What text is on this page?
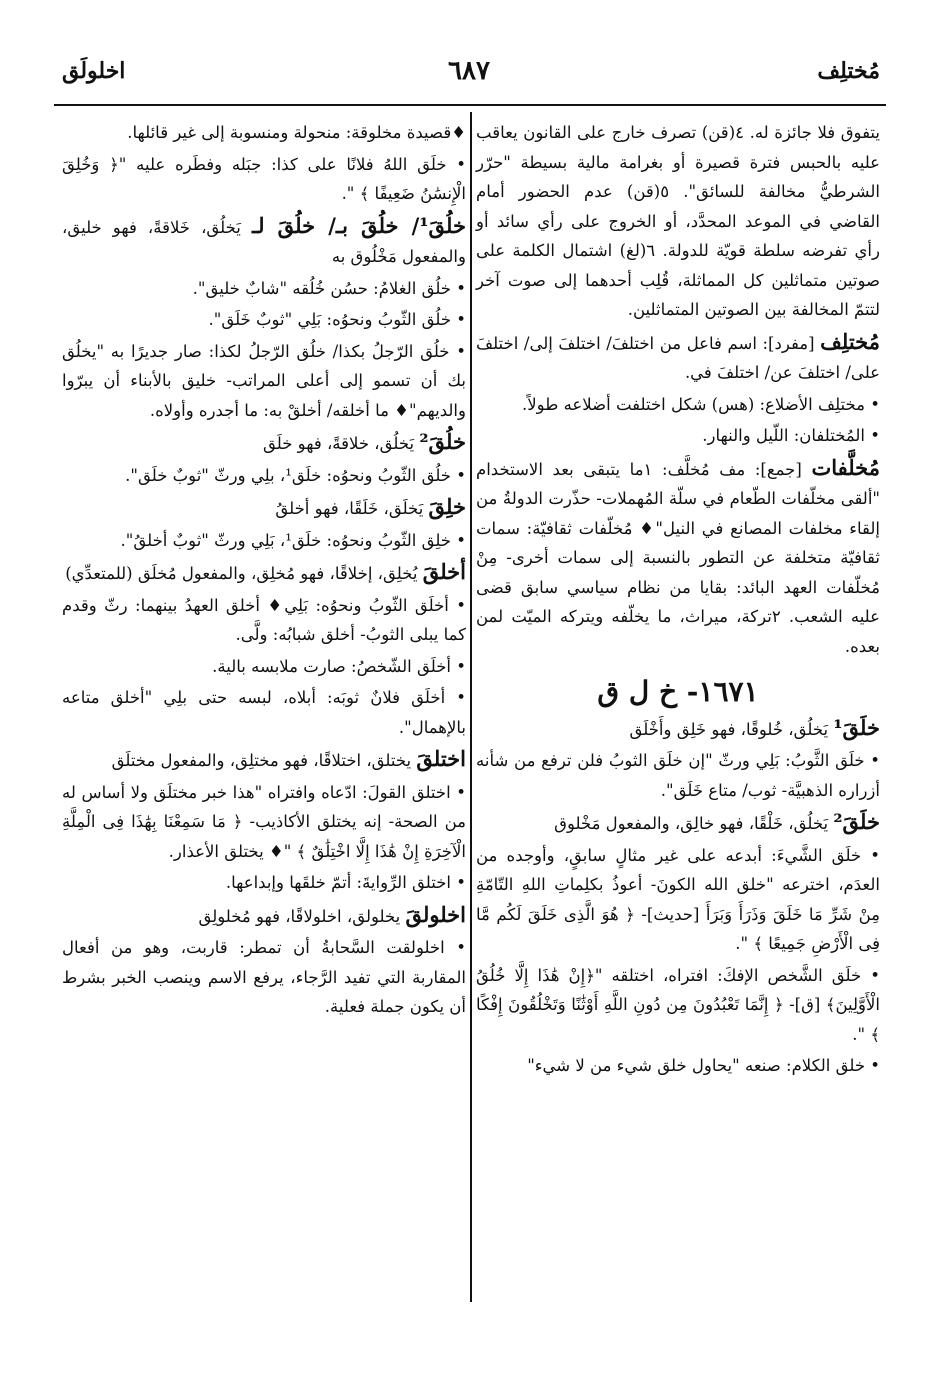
مُختلِف
٦٨٧
اخلولَق

يتفوق فلا جائزة له. ٤(قن) تصرف خارج على القانون يعاقب عليه بالحبس فترة قصيرة أو بغرامة مالية بسيطة "حرّر الشرطيُّ مخالفة للسائق". ٥(قن) عدم الحضور أمام القاضي في الموعد المحدَّد، أو الخروج على رأي سائد أو رأي تفرضه سلطة قويّة للدولة. ٦(لغ) اشتمال الكلمة على صوتين متماثلين كل المماثلة، قُلِب أحدهما إلى صوت آخر لتتمّ المخالفة بين الصوتين المتماثلين.

مُختلِف [مفرد]: اسم فاعل من اختلفَ/ اختلفَ إلى/ اختلفَ على/ اختلفَ عن/ اختلفَ في.

• مختلِف الأضلاع: (هس) شكل اختلفت أضلاعه طولاً.

• المُختلفان: اللّيل والنهار.

مُخلَّفات [جمع]: مف مُخلَّف: ١ما يتبقى بعد الاستخدام "ألقى مخلّفات الطّعام في سلّة المُهملات- حذّرت الدولةُ من إلقاء مخلفات المصانع في النيل"♦ مُخلّفات ثقافيّة: سمات ثقافيّة متخلفة عن التطور بالنسبة إلى سمات أخرى- مِنْ مُخلّفات العهد البائد: بقايا من نظام سياسي سابق قضى عليه الشعب. ٢تركة، ميراث، ما يخلّفه ويتركه الميّت لمن بعده.

١٦٧١- خ ل ق

خلَقَ¹ يَخلُق، خُلوقًا، فهو خَلِق وأَخْلَق

• خلَق الثَّوبُ: بَلِي ورثّ "إن خلَق الثوبُ فلن ترفع من شأنه أزراره الذهبيَّة- ثوب/ متاع خَلَق".

خلَقَ² يَخلُق، خَلْقًا، فهو خالِق، والمفعول مَخْلوق

• خلَق الشَّيءَ: أبدعه على غير مثالٍ سابقٍ، وأوجده من العدَم، اخترعه "خلق الله الكونَ- أعوذُ بكلِماتِ اللهِ التّامّةِ مِنْ شَرِّ مَا خَلَقَ وَذَرَأَ وَبَرَأَ [حديث]- ﴿ هُوَ الَّذِى خَلَقَ لَكُم مَّا فِى الْأَرْضِ جَمِيعًا ﴾ ".

• خلَق الشَّخص الإفكَ: افتراه، اختلقه "﴿إِنْ هَٰذَا إِلَّا خُلُقُ الْأَوَّلِينَ﴾ [ق]- ﴿ إِنَّمَا تَعْبُدُونَ مِن دُونِ اللَّهِ أَوْثَٰنًا وَتَخْلُقُونَ إِفْكًا ﴾ ".

• خلق الكلام: صنعه "يحاول خلق شيء من لا شيء"

♦قصيدة مخلوقة: منحولة ومنسوبة إلى غير قائلها.

• خلَق اللهُ فلانًا على كذا: جبَله وفطَره عليه "﴿ وَخُلِقَ الْإِنسَٰنُ ضَعِيفًا ﴾ ".

خلُقَ¹/ خلُقَ بـ/ خلُقَ لـ يَخلُق، خَلاقةً، فهو خليق، والمفعول مَخْلُوق به

• خلُق الغلامُ: حسُن خُلُقه "شابٌ خليق".

• خلُق الثّوبُ ونحوُه: بَلِي "ثوبٌ خَلَق".

• خلُق الرّجلُ بكذا/ خلُق الرّجلُ لكذا: صار جديرًا به "يخلُق بك أن تسمو إلى أعلى المراتب- خليق بالأبناء أن يبرّوا والديهم"♦ ما أخلقه/ أخلقْ به: ما أجدره وأولاه.

خلُقَ² يَخلُق، خلاقةً، فهو خلَق

• خلُق الثّوبُ ونحوُه: خلَق¹، بلِي ورثّ "ثوبٌ خلَق".

خلِقَ يَخلَق، خَلَقًا، فهو أخلقُ

• خلِق الثّوبُ ونحوُه: خلَق¹، بَلِي ورثّ "ثوبٌ أخلقُ".

أخلقَ يُخلِق، إخلاقًا، فهو مُخلِق، والمفعول مُخلَق (للمتعدِّي)

• أخلَق الثّوبُ ونحوُه: بَلِي♦ أخلق العهدُ بينهما: رثّ وقدم كما يبلى الثوبُ- أخلق شبابُه: ولَّى.

• أخلَق الشّخصُ: صارت ملابسه بالية.

• أخلَق فلانٌ ثوبَه: أبلاه، لبسه حتى بلِي "أخلق متاعه بالإهمال".

اختلقَ يختلق، اختلاقًا، فهو مختلِق، والمفعول مختلَق

• اختلق القولَ: ادّعاه وافتراه "هذا خبر مختلَق ولا أساس له من الصحة- إنه يختلق الأكاذيب- ﴿ مَا سَمِعْنَا بِهَٰذَا فِى الْمِلَّةِ الْآخِرَةِ إِنْ هَٰذَا إِلَّا اخْتِلَٰقٌ ﴾ "♦ يختلق الأعذار.

• اختلق الرِّوايةَ: أتمّ خلقَها وإبداعها.

اخلولقَ يخلولق، اخلولاقًا، فهو مُخلولِق

• اخلولقت السَّحابةُ أن تمطر: قاربت، وهو من أفعال المقاربة التي تفيد الرَّجاء، يرفع الاسم وينصب الخبر بشرط أن يكون جملة فعلية.
